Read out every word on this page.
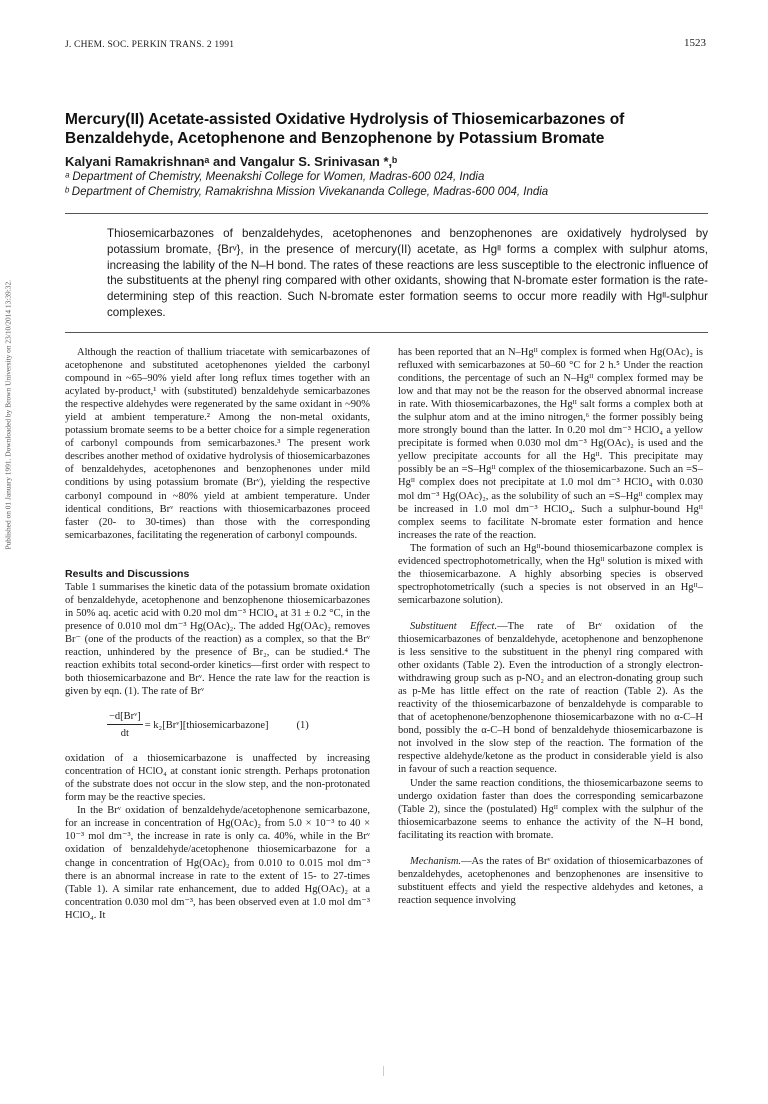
J. CHEM. SOC. PERKIN TRANS. 2 1991	1523
Published on 01 January 1991. Downloaded by Brown University on 23/10/2014 13:39:32.
Mercury(II) Acetate-assisted Oxidative Hydrolysis of Thiosemicarbazones of
Benzaldehyde, Acetophenone and Benzophenone by Potassium Bromate
Kalyani Ramakrishnanᵃ and Vangalur S. Srinivasan *,ᵇ
ᵃ Department of Chemistry, Meenakshi College for Women, Madras-600 024, India
ᵇ Department of Chemistry, Ramakrishna Mission Vivekananda College, Madras-600 004, India

Thiosemicarbazones of benzaldehydes, acetophenones and benzophenones are oxidatively hydrolysed by potassium bromate, {Brᵛ}, in the presence of mercury(II) acetate, as Hgᴵᴵ forms a complex with sulphur atoms, increasing the lability of the N–H bond. The rates of these reactions are less susceptible to the electronic influence of the substituents at the phenyl ring compared with other oxidants, showing that N-bromate ester formation is the rate-determining step of this reaction. Such N-bromate ester formation seems to occur more readily with Hgᴵᴵ-sulphur complexes.

Although the reaction of thallium triacetate with semicarbazones of acetophenone and substituted acetophenones yielded the carbonyl compound in ~65–90% yield after long reflux times together with an acylated by-product,¹ with (substituted) benzaldehyde semicarbazones the respective aldehydes were regenerated by the same oxidant in ~90% yield at ambient temperature.² Among the non-metal oxidants, potassium bromate seems to be a better choice for a simple regeneration of carbonyl compounds from semicarbazones.³ The present work describes another method of oxidative hydrolysis of thiosemicarbazones of benzaldehydes, acetophenones and benzophenones under mild conditions by using potassium bromate (Brᵛ), yielding the respective carbonyl compound in ~80% yield at ambient temperature. Under identical conditions, Brᵛ reactions with thiosemicarbazones proceed faster (20- to 30-times) than those with the corresponding semicarbazones, facilitating the regeneration of carbonyl compounds.

Results and Discussions

Table 1 summarises the kinetic data of the potassium bromate oxidation of benzaldehyde, acetophenone and benzophenone thiosemicarbazones in 50% aq. acetic acid with 0.20 mol dm⁻³ HClO₄ at 31 ± 0.2 °C, in the presence of 0.010 mol dm⁻³ Hg(OAc)₂. The added Hg(OAc)₂ removes Br⁻ (one of the products of the reaction) as a complex, so that the Brᵛ reaction, unhindered by the presence of Br₂, can be studied.⁴ The reaction exhibits total second-order kinetics—first order with respect to both thiosemicarbazone and Brᵛ. Hence the rate law for the reaction is given by eqn. (1). The rate of Brᵛ

$\frac{\text{−d[Brᵛ]}}{dt}$ = k₂[Brᵛ][thiosemicarbazone]	(1)

oxidation of a thiosemicarbazone is unaffected by increasing concentration of HClO₄ at constant ionic strength. Perhaps protonation of the substrate does not occur in the slow step, and the non-protonated form may be the reactive species.

In the Brᵛ oxidation of benzaldehyde/acetophenone semicarbazone, for an increase in concentration of Hg(OAc)₂ from 5.0 × 10⁻³ to 40 × 10⁻³ mol dm⁻³, the increase in rate is only ca. 40%, while in the Brᵛ oxidation of benzaldehyde/acetophenone thiosemicarbazone for a change in concentration of Hg(OAc)₂ from 0.010 to 0.015 mol dm⁻³ there is an abnormal increase in rate to the extent of 15- to 27-times (Table 1). A similar rate enhancement, due to added Hg(OAc)₂ at a concentration 0.030 mol dm⁻³, has been observed even at 1.0 mol dm⁻³ HClO₄. It

has been reported that an N–Hgᴵᴵ complex is formed when Hg(OAc)₂ is refluxed with semicarbazones at 50–60 °C for 2 h.⁵ Under the reaction conditions, the percentage of such an N–Hgᴵᴵ complex formed may be low and that may not be the reason for the observed abnormal increase in rate. With thiosemicarbazones, the Hgᴵᴵ salt forms a complex both at the sulphur atom and at the imino nitrogen,⁶ the former possibly being more strongly bound than the latter. In 0.20 mol dm⁻³ HClO₄ a yellow precipitate is formed when 0.030 mol dm⁻³ Hg(OAc)₂ is used and the yellow precipitate accounts for all the Hgᴵᴵ. This precipitate may possibly be an =S–Hgᴵᴵ complex of the thiosemicarbazone. Such an =S–Hgᴵᴵ complex does not precipitate at 1.0 mol dm⁻³ HClO₄ with 0.030 mol dm⁻³ Hg(OAc)₂, as the solubility of such an =S–Hgᴵᴵ complex may be increased in 1.0 mol dm⁻³ HClO₄. Such a sulphur-bound Hgᴵᴵ complex seems to facilitate N-bromate ester formation and hence increases the rate of the reaction.

The formation of such an Hgᴵᴵ-bound thiosemicarbazone complex is evidenced spectrophotometrically, when the Hgᴵᴵ solution is mixed with the thiosemicarbazone. A highly absorbing species is observed spectrophotometrically (such a species is not observed in an Hgᴵᴵ–semicarbazone solution).

Substituent Effect.—The rate of Brᵛ oxidation of the thiosemicarbazones of benzaldehyde, acetophenone and benzophenone is less sensitive to the substituent in the phenyl ring compared with other oxidants (Table 2). Even the introduction of a strongly electron-withdrawing group such as p-NO₂ and an electron-donating group such as p-Me has little effect on the rate of reaction (Table 2). As the reactivity of the thiosemicarbazone of benzaldehyde is comparable to that of acetophenone/benzophenone thiosemicarbazone with no α-C–H bond, possibly the α-C–H bond of benzaldehyde thiosemicarbazone is not involved in the slow step of the reaction. The formation of the respective aldehyde/ketone as the product in considerable yield is also in favour of such a reaction sequence.

Under the same reaction conditions, the thiosemicarbazone seems to undergo oxidation faster than does the corresponding semicarbazone (Table 2), since the (postulated) Hgᴵᴵ complex with the sulphur of the thiosemicarbazone seems to enhance the activity of the N–H bond, facilitating its reaction with bromate.

Mechanism.—As the rates of Brᵛ oxidation of thiosemicarbazones of benzaldehydes, acetophenones and benzophenones are insensitive to substituent effects and yield the respective aldehydes and ketones, a reaction sequence involving
